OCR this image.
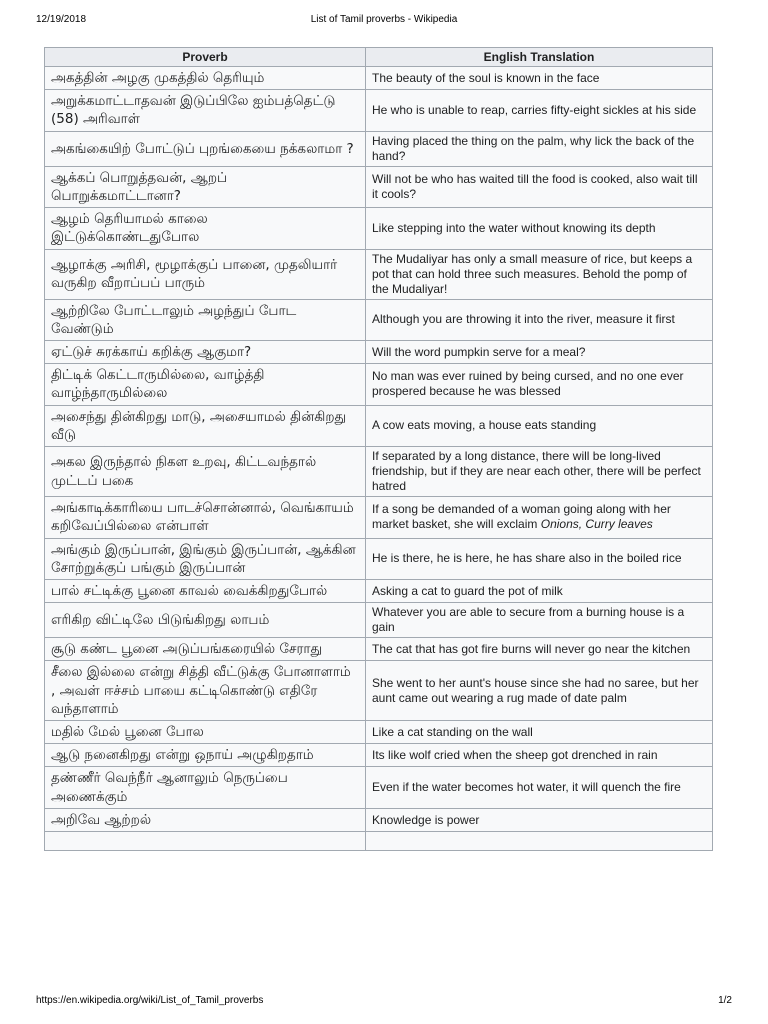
12/19/2018	List of Tamil proverbs - Wikipedia
Proverb	English Translation
அகத்தின் அழகு முகத்தில் தெரியும்	The beauty of the soul is known in the face
அறுக்கமாட்டாதவன் இடுப்பிலே ஐம்பத்தெட்டு (58) அரிவாள்	He who is unable to reap, carries fifty-eight sickles at his side
அகங்கையிற் போட்டுப் புறங்கையை நக்கலாமா ?	Having placed the thing on the palm, why lick the back of the hand?
ஆக்கப் பொறுத்தவன், ஆறப் பொறுக்கமாட்டானா?	Will not be who has waited till the food is cooked, also wait till it cools?
ஆழம் தெரியாமல் காலை இட்டுக்கொண்டதுபோல	Like stepping into the water without knowing its depth
ஆழாக்கு அரிசி, மூழாக்குப் பானை, முதலியார் வருகிற வீறாப்பப் பாரும்	The Mudaliyar has only a small measure of rice, but keeps a pot that can hold three such measures. Behold the pomp of the Mudaliyar!
ஆற்றிலே போட்டாலும் அழந்துப் போட வேண்டும்	Although you are throwing it into the river, measure it first
ஏட்டுச் சுரக்காய் கறிக்கு ஆகுமா?	Will the word pumpkin serve for a meal?
திட்டிக் கெட்டாருமில்லை, வாழ்த்தி வாழ்ந்தாருமில்லை	No man was ever ruined by being cursed, and no one ever prospered because he was blessed
அசைந்து தின்கிறது மாடு, அசையாமல் தின்கிறது வீடு	A cow eats moving, a house eats standing
அகல இருந்தால் நிகள உறவு, கிட்டவந்தால் முட்டப் பகை	If separated by a long distance, there will be long-lived friendship, but if they are near each other, there will be perfect hatred
அங்காடிக்காரியை பாடச்சொன்னால், வெங்காயம் கறிவேப்பில்லை என்பாள்	If a song be demanded of a woman going along with her market basket, she will exclaim Onions, Curry leaves
அங்கும் இருப்பான், இங்கும் இருப்பான், ஆக்கின சோற்றுக்குப் பங்கும் இருப்பான்	He is there, he is here, he has share also in the boiled rice
பால் சட்டிக்கு பூனை காவல் வைக்கிறதுபோல்	Asking a cat to guard the pot of milk
எரிகிற விட்டிலே பிடுங்கிறது லாபம்	Whatever you are able to secure from a burning house is a gain
சூடு கண்ட பூனை அடுப்பங்கரையில் சேராது	The cat that has got fire burns will never go near the kitchen
சீலை இல்லை என்று சித்தி வீட்டுக்கு போனாளாம் , அவள் ஈச்சம் பாயை கட்டிகொண்டு எதிரே வந்தாளாம்	She went to her aunt's house since she had no saree, but her aunt came out wearing a rug made of date palm
மதில் மேல் பூனை போல	Like a cat standing on the wall
ஆடு நனைகிறது என்று ஒநாய் அழுகிறதாம்	Its like wolf cried when the sheep got drenched in rain
தண்ணீர் வெந்நீர் ஆனாலும் நெருப்பை அணைக்கும்	Even if the water becomes hot water, it will quench the fire
அறிவே ஆற்றல்	Knowledge is power

https://en.wikipedia.org/wiki/List_of_Tamil_proverbs	1/2
